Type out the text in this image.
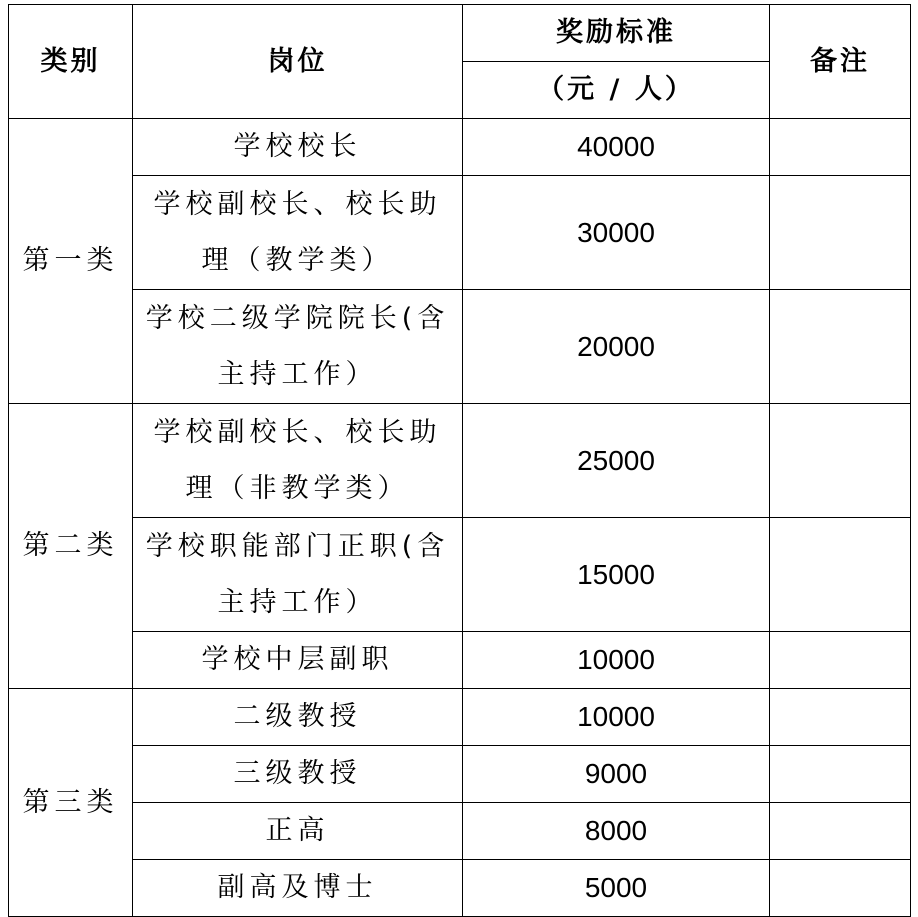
类别	岗位	奖励标准	备注
		（元 / 人）	
第一类	学校校长	40000	
	学校副校长、校长助理（教学类）	30000	
	学校二级学院院长(含主持工作）	20000	
第二类	学校副校长、校长助理（非教学类）	25000	
	学校职能部门正职(含主持工作）	15000	
	学校中层副职	10000	
第三类	二级教授	10000	
	三级教授	9000	
	正高	8000	
	副高及博士	5000	
